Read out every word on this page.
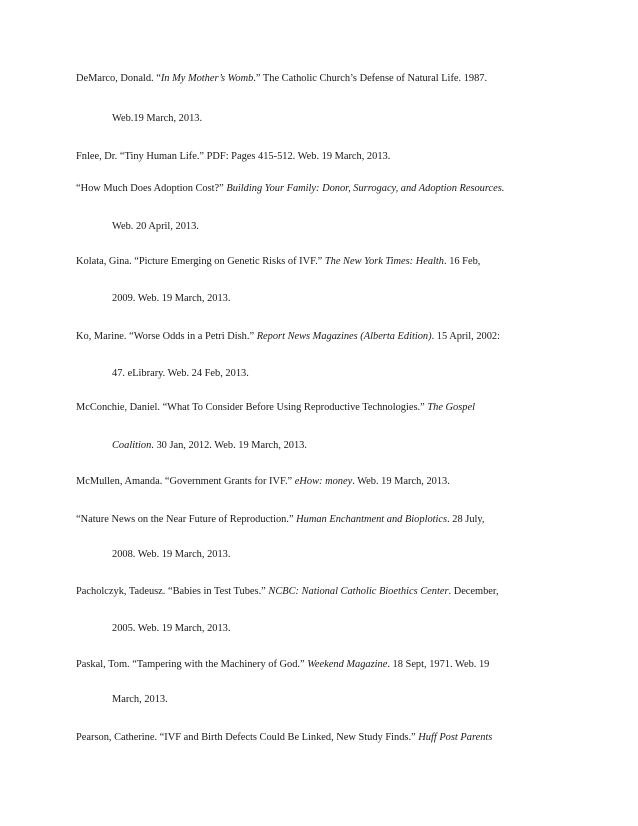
DeMarco, Donald. “In My Mother’s Womb.” The Catholic Church’s Defense of Natural Life. 1987.
Web.19 March, 2013.
Fnlee, Dr. “Tiny Human Life.” PDF: Pages 415-512. Web. 19 March, 2013.
“How Much Does Adoption Cost?” Building Your Family: Donor, Surrogacy, and Adoption Resources.
Web. 20 April, 2013.
Kolata, Gina. “Picture Emerging on Genetic Risks of IVF.” The New York Times: Health. 16 Feb,
2009. Web. 19 March, 2013.
Ko, Marine. “Worse Odds in a Petri Dish.” Report News Magazines (Alberta Edition). 15 April, 2002:
47. eLibrary. Web. 24 Feb, 2013.
McConchie, Daniel. “What To Consider Before Using Reproductive Technologies.” The Gospel
Coalition. 30 Jan, 2012. Web. 19 March, 2013.
McMullen, Amanda. “Government Grants for IVF.” eHow: money. Web. 19 March, 2013.
“Nature News on the Near Future of Reproduction.” Human Enchantment and Bioplotics. 28 July,
2008. Web. 19 March, 2013.
Pacholczyk, Tadeusz. “Babies in Test Tubes.” NCBC: National Catholic Bioethics Center. December,
2005. Web. 19 March, 2013.
Paskal, Tom. “Tampering with the Machinery of God.” Weekend Magazine. 18 Sept, 1971. Web. 19
March, 2013.
Pearson, Catherine. “IVF and Birth Defects Could Be Linked, New Study Finds.” Huff Post Parents
